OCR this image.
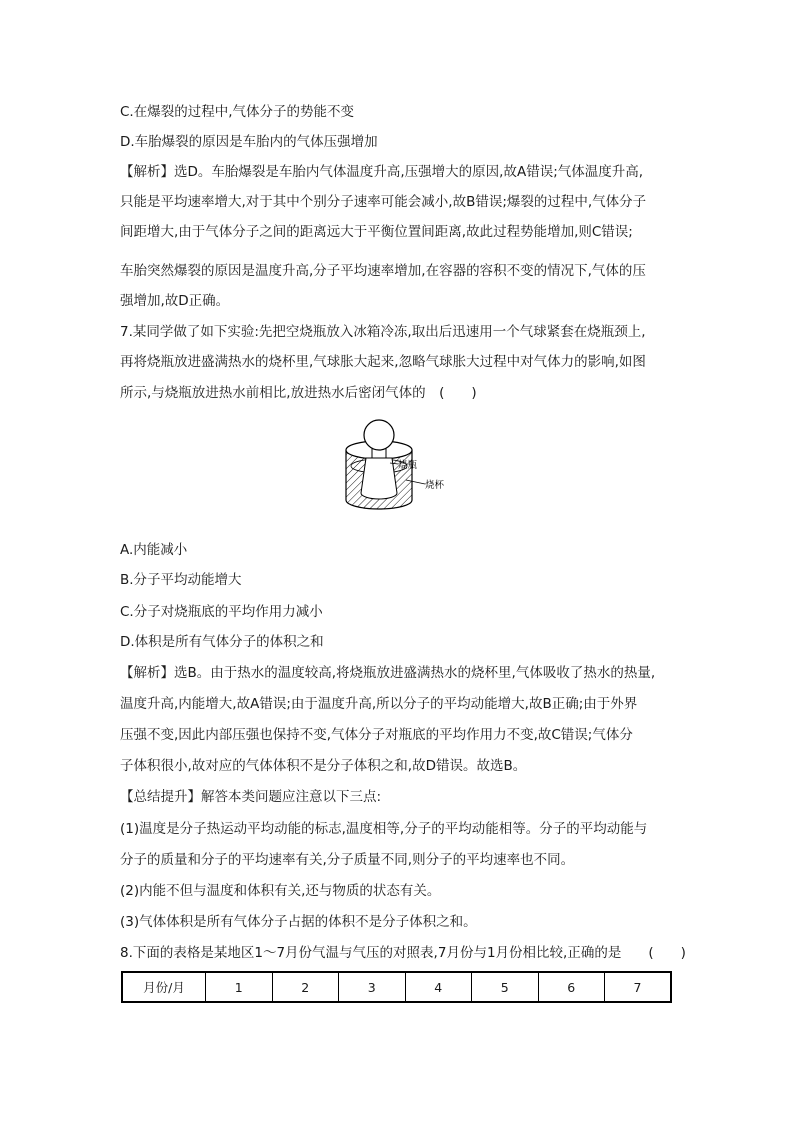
C.在爆裂的过程中,气体分子的势能不变
D.车胎爆裂的原因是车胎内的气体压强增加
【解析】选D。车胎爆裂是车胎内气体温度升高,压强增大的原因,故A错误;气体温度升高,
只能是平均速率增大,对于其中个别分子速率可能会减小,故B错误;爆裂的过程中,气体分子
间距增大,由于气体分子之间的距离远大于平衡位置间距离,故此过程势能增加,则C错误;
车胎突然爆裂的原因是温度升高,分子平均速率增加,在容器的容积不变的情况下,气体的压
强增加,故D正确。
7.某同学做了如下实验:先把空烧瓶放入冰箱冷冻,取出后迅速用一个气球紧套在烧瓶颈上,
再将烧瓶放进盛满热水的烧杯里,气球胀大起来,忽略气球胀大过程中对气体力的影响,如图
所示,与烧瓶放进热水前相比,放进热水后密闭气体的　(　　)
烧瓶
烧杯
A.内能减小
B.分子平均动能增大
C.分子对烧瓶底的平均作用力减小
D.体积是所有气体分子的体积之和
【解析】选B。由于热水的温度较高,将烧瓶放进盛满热水的烧杯里,气体吸收了热水的热量,
温度升高,内能增大,故A错误;由于温度升高,所以分子的平均动能增大,故B正确;由于外界
压强不变,因此内部压强也保持不变,气体分子对瓶底的平均作用力不变,故C错误;气体分
子体积很小,故对应的气体体积不是分子体积之和,故D错误。故选B。
【总结提升】解答本类问题应注意以下三点:
(1)温度是分子热运动平均动能的标志,温度相等,分子的平均动能相等。分子的平均动能与
分子的质量和分子的平均速率有关,分子质量不同,则分子的平均速率也不同。
(2)内能不但与温度和体积有关,还与物质的状态有关。
(3)气体体积是所有气体分子占据的体积不是分子体积之和。
8.下面的表格是某地区1～7月份气温与气压的对照表,7月份与1月份相比较,正确的是　　(　　)
月份/月	1	2	3	4	5	6	7
